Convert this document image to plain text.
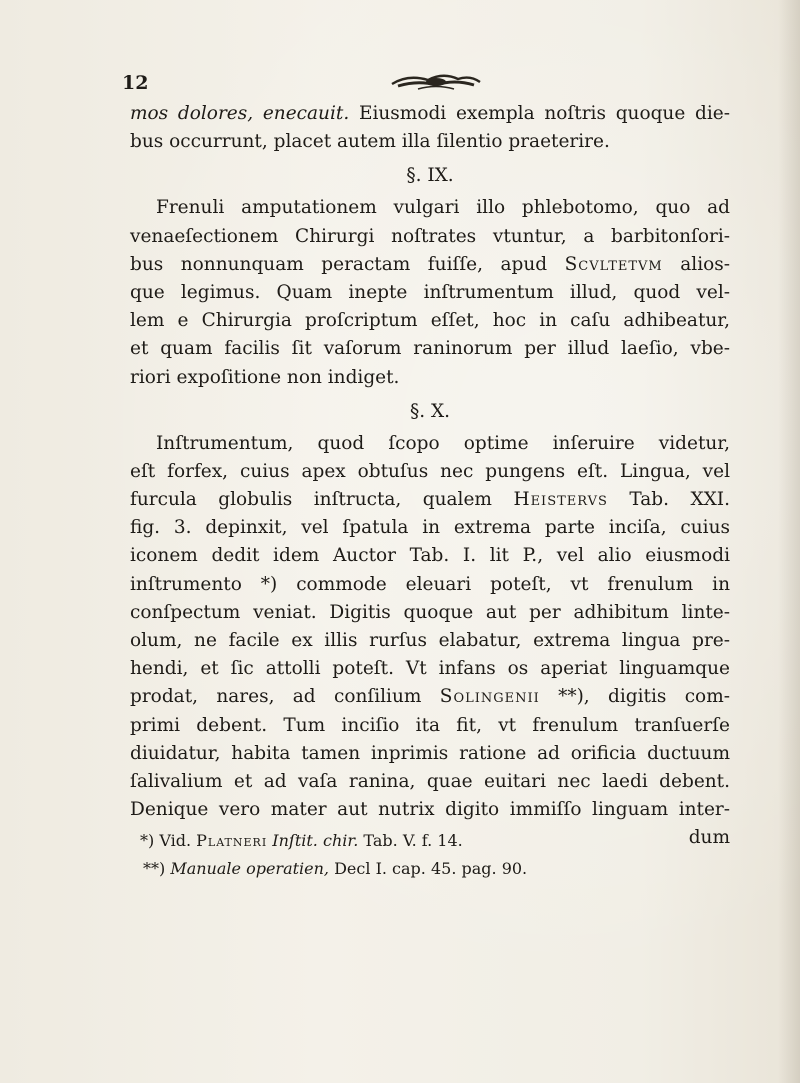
12
mos dolores, enecauit. Eiusmodi exempla noſtris quoque die-
bus occurrunt, placet autem illa ſilentio praeterire.
§. IX.
Frenuli amputationem vulgari illo phlebotomo, quo ad
venaeſectionem Chirurgi noſtrates vtuntur, a barbitonſori-
bus nonnunquam peractam fuiſſe, apud Scvltetvm alios-
que legimus. Quam inepte inſtrumentum illud, quod vel-
lem e Chirurgia proſcriptum eſſet, hoc in caſu adhibeatur,
et quam facilis ſit vaſorum raninorum per illud laeſio, vbe-
riori expoſitione non indiget.
§. X.
Inſtrumentum, quod ſcopo optime inſeruire videtur,
eſt forfex, cuius apex obtuſus nec pungens eſt. Lingua, vel
furcula globulis inſtructa, qualem Heistervs Tab. XXI.
fig. 3. depinxit, vel ſpatula in extrema parte inciſa, cuius
iconem dedit idem Auctor Tab. I. lit P., vel alio eiusmodi
inſtrumento *) commode eleuari poteſt, vt frenulum in
conſpectum veniat. Digitis quoque aut per adhibitum linte-
olum, ne facile ex illis rurſus elabatur, extrema lingua pre-
hendi, et ſic attolli poteſt. Vt infans os aperiat linguamque
prodat, nares, ad conſilium Solingenii **), digitis com-
primi debent. Tum inciſio ita fit, vt frenulum tranſuerſe
diuidatur, habita tamen inprimis ratione ad orificia ductuum
ſalivalium et ad vaſa ranina, quae euitari nec laedi debent.
Denique vero mater aut nutrix digito immiſſo linguam inter-
dum
*) Vid. Platneri Inſtit. chir. Tab. V. f. 14.
**) Manuale operatien, Decl I. cap. 45. pag. 90.
